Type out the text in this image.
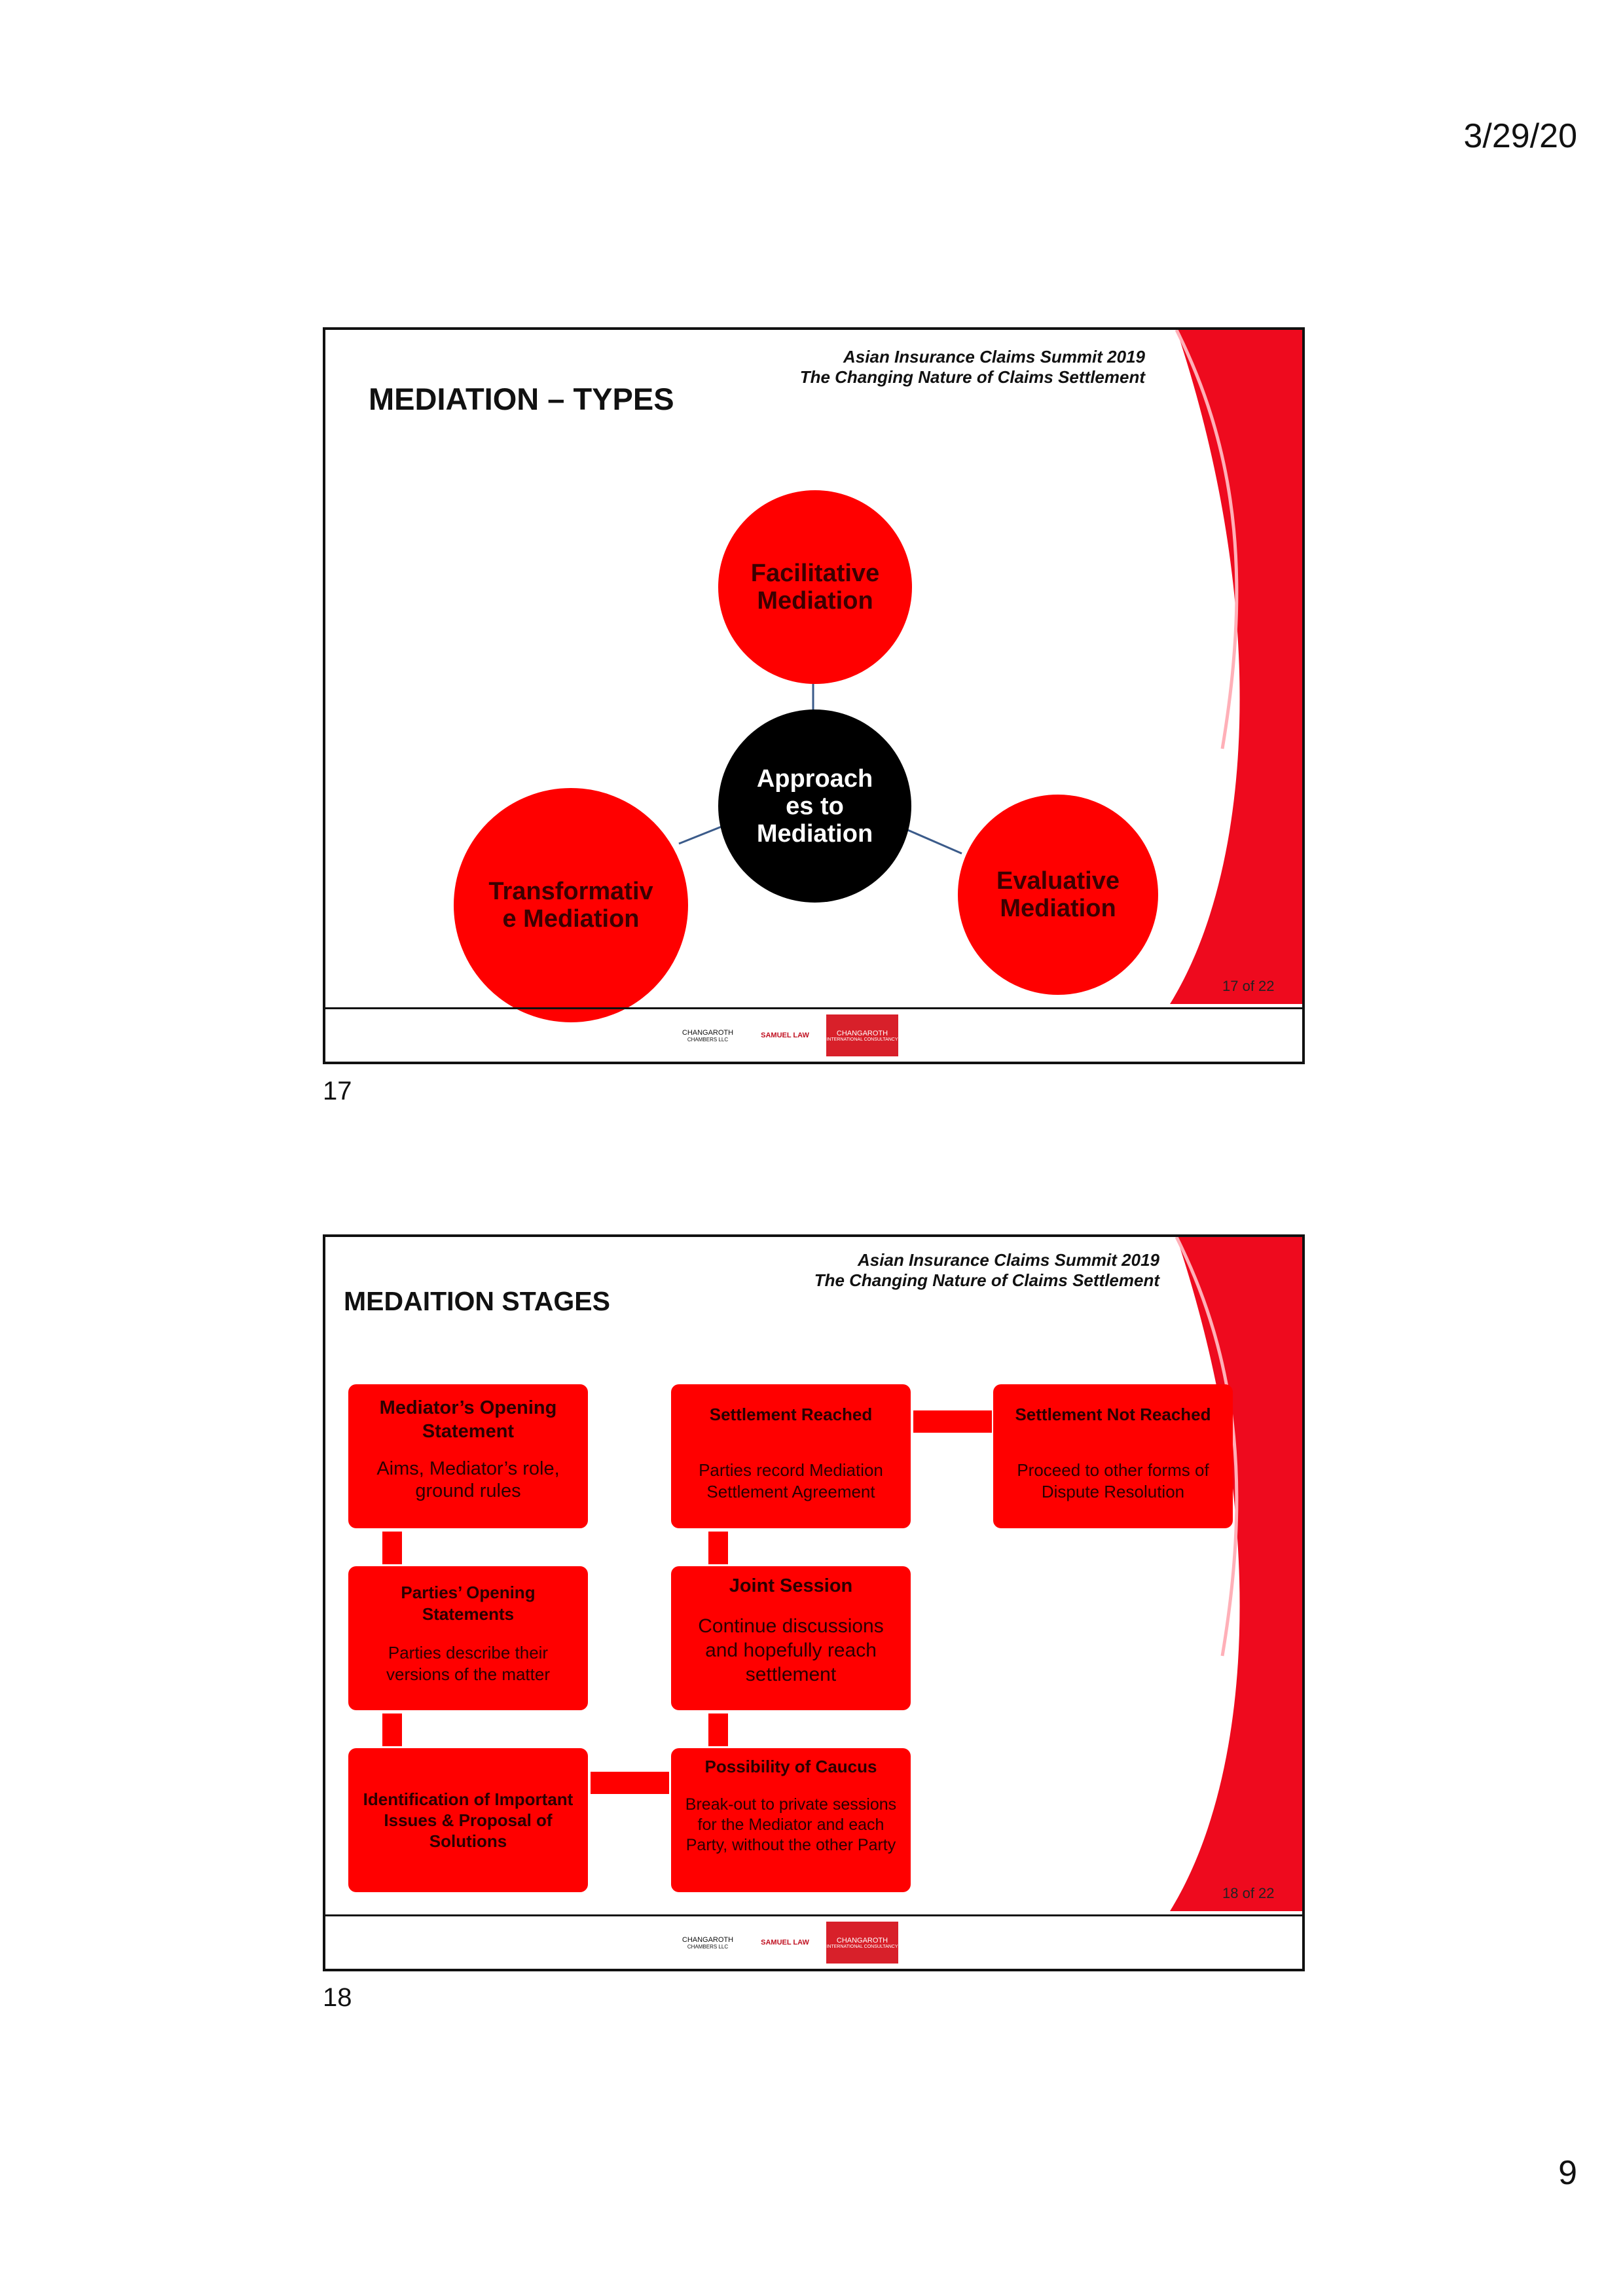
3/29/20
Asian Insurance Claims Summit 2019
The Changing Nature of Claims Settlement
MEDIATION – TYPES
Facilitative Mediation
Approach es to Mediation
Transformativ e Mediation
Evaluative Mediation
17 of 22
CHANGAROTH
CHAMBERS LLC	SAMUEL LAW	CHANGAROTH
INTERNATIONAL CONSULTANCY
17
Asian Insurance Claims Summit 2019
The Changing Nature of Claims Settlement
MEDAITION STAGES
Mediator’s Opening Statement
Aims, Mediator’s role, ground rules
Parties’ Opening Statements
Parties describe their versions of the matter
Identification of Important Issues & Proposal of Solutions
Possibility of Caucus
Break-out to private sessions for the Mediator and each Party, without the other Party
Joint Session
Continue discussions and hopefully reach settlement
Settlement Reached
Parties record Mediation Settlement Agreement
Settlement Not Reached
Proceed to other forms of Dispute Resolution
18 of 22
CHANGAROTH
CHAMBERS LLC	SAMUEL LAW	CHANGAROTH
INTERNATIONAL CONSULTANCY
18
9
